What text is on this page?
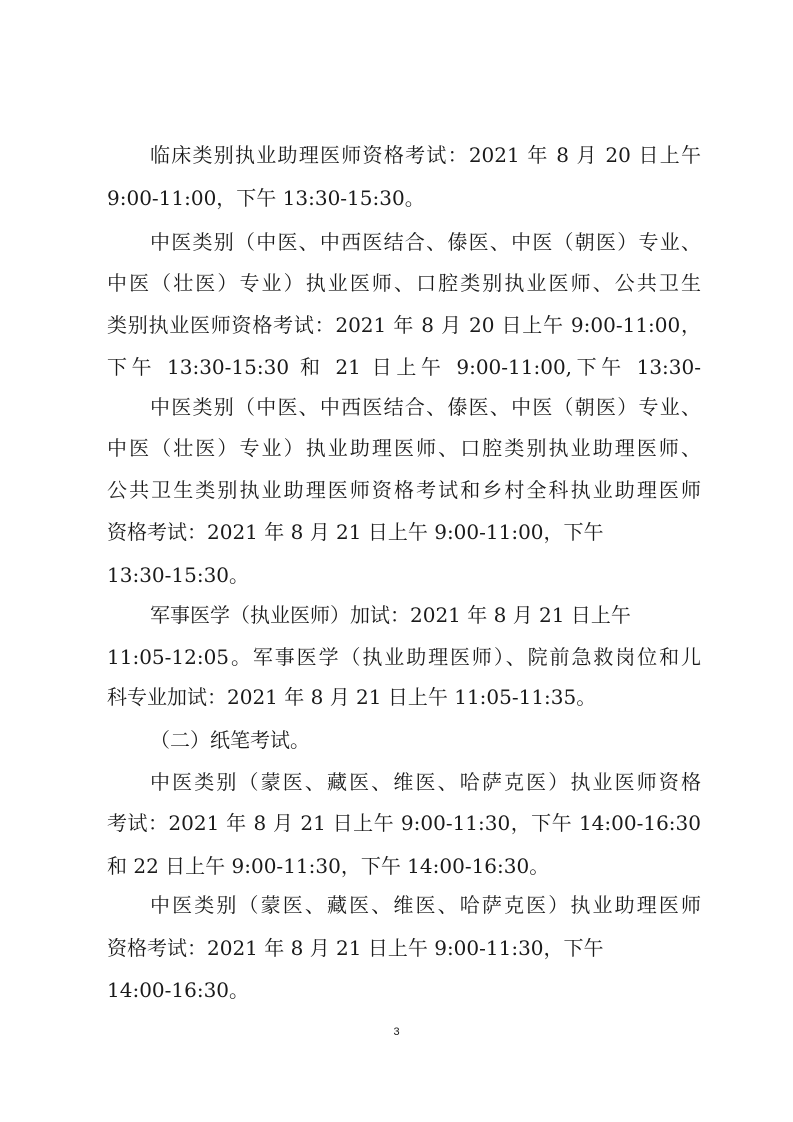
临床类别执业助理医师资格考试：2021 年 8 月 20 日上午
9:00-11:00，下午 13:30-15:30。
中医类别（中医、中西医结合、傣医、中医（朝医）专业、
中医（壮医）专业）执业医师、口腔类别执业医师、公共卫生
类别执业医师资格考试：2021 年 8 月 20 日上午 9:00-11:00，
下午 13:30-15:30 和 21 日上午 9:00-11:00,下午 13:30-
中医类别（中医、中西医结合、傣医、中医（朝医）专业、
中医（壮医）专业）执业助理医师、口腔类别执业助理医师、
公共卫生类别执业助理医师资格考试和乡村全科执业助理医师
资格考试：2021 年 8 月 21 日上午 9:00-11:00，下午
13:30-15:30。
军事医学（执业医师）加试：2021 年 8 月 21 日上午
11:05-12:05。军事医学（执业助理医师）、院前急救岗位和儿
科专业加试：2021 年 8 月 21 日上午 11:05-11:35。
（二）纸笔考试。
中医类别（蒙医、藏医、维医、哈萨克医）执业医师资格
考试：2021 年 8 月 21 日上午 9:00-11:30，下午 14:00-16:30
和 22 日上午 9:00-11:30，下午 14:00-16:30。
中医类别（蒙医、藏医、维医、哈萨克医）执业助理医师
资格考试：2021 年 8 月 21 日上午 9:00-11:30，下午
14:00-16:30。
3
